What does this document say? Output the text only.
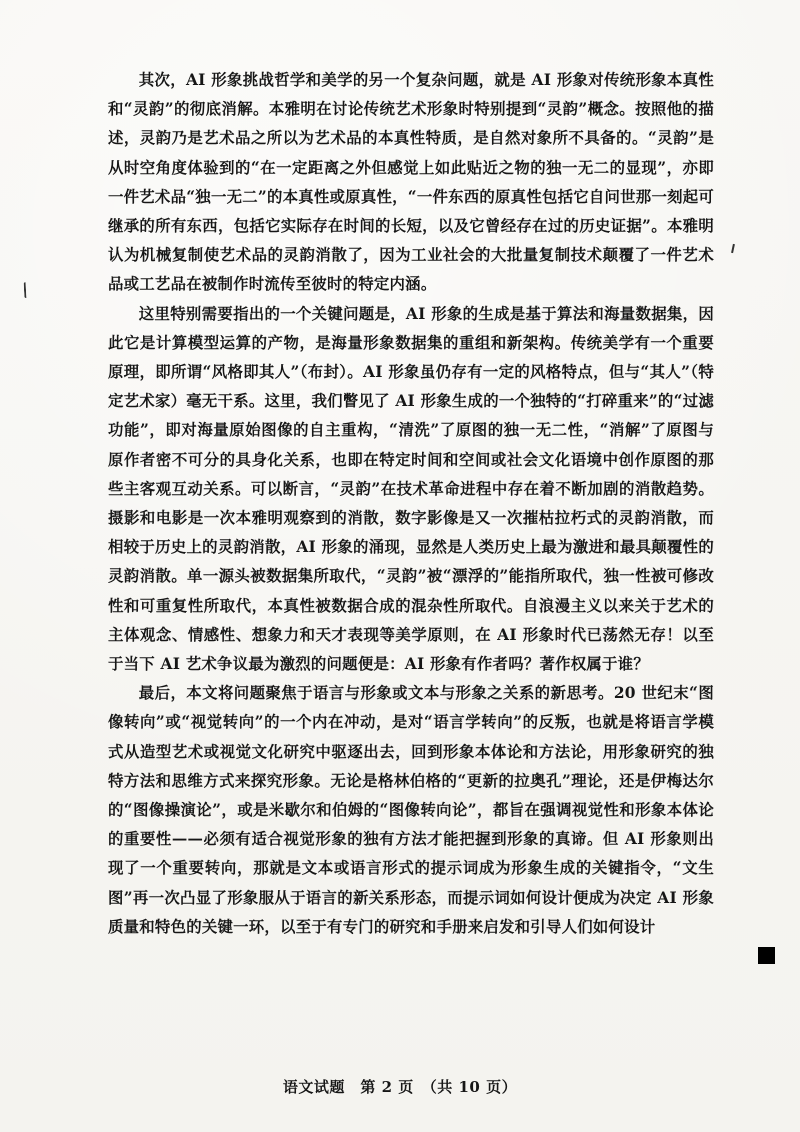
其次，AI 形象挑战哲学和美学的另一个复杂问题，就是 AI 形象对传统形象本真性和“灵韵”的彻底消解。本雅明在讨论传统艺术形象时特别提到“灵韵”概念。按照他的描述，灵韵乃是艺术品之所以为艺术品的本真性特质，是自然对象所不具备的。“灵韵”是从时空角度体验到的“在一定距离之外但感觉上如此贴近之物的独一无二的显现”，亦即一件艺术品“独一无二”的本真性或原真性，“一件东西的原真性包括它自问世那一刻起可继承的所有东西，包括它实际存在时间的长短，以及它曾经存在过的历史证据”。本雅明认为机械复制使艺术品的灵韵消散了，因为工业社会的大批量复制技术颠覆了一件艺术品或工艺品在被制作时流传至彼时的特定内涵。

这里特别需要指出的一个关键问题是，AI 形象的生成是基于算法和海量数据集，因此它是计算模型运算的产物，是海量形象数据集的重组和新架构。传统美学有一个重要原理，即所谓“风格即其人”（布封）。AI 形象虽仍存有一定的风格特点，但与“其人”（特定艺术家）毫无干系。这里，我们瞥见了 AI 形象生成的一个独特的“打碎重来”的“过滤功能”，即对海量原始图像的自主重构，“清洗”了原图的独一无二性，“消解”了原图与原作者密不可分的具身化关系，也即在特定时间和空间或社会文化语境中创作原图的那些主客观互动关系。可以断言，“灵韵”在技术革命进程中存在着不断加剧的消散趋势。摄影和电影是一次本雅明观察到的消散，数字影像是又一次摧枯拉朽式的灵韵消散，而相较于历史上的灵韵消散，AI 形象的涌现，显然是人类历史上最为激进和最具颠覆性的灵韵消散。单一源头被数据集所取代，“灵韵”被“漂浮的”能指所取代，独一性被可修改性和可重复性所取代，本真性被数据合成的混杂性所取代。自浪漫主义以来关于艺术的主体观念、情感性、想象力和天才表现等美学原则，在 AI 形象时代已荡然无存！以至于当下 AI 艺术争议最为激烈的问题便是：AI 形象有作者吗？著作权属于谁？

最后，本文将问题聚焦于语言与形象或文本与形象之关系的新思考。20 世纪末“图像转向”或“视觉转向”的一个内在冲动，是对“语言学转向”的反叛，也就是将语言学模式从造型艺术或视觉文化研究中驱逐出去，回到形象本体论和方法论，用形象研究的独特方法和思维方式来探究形象。无论是格林伯格的“更新的拉奥孔”理论，还是伊梅达尔的“图像操演论”，或是米歇尔和伯姆的“图像转向论”，都旨在强调视觉性和形象本体论的重要性——必须有适合视觉形象的独有方法才能把握到形象的真谛。但 AI 形象则出现了一个重要转向，那就是文本或语言形式的提示词成为形象生成的关键指令，“文生图”再一次凸显了形象服从于语言的新关系形态，而提示词如何设计便成为决定 AI 形象质量和特色的关键一环，以至于有专门的研究和手册来启发和引导人们如何设计

语文试题　第 2 页　（共 10 页）
